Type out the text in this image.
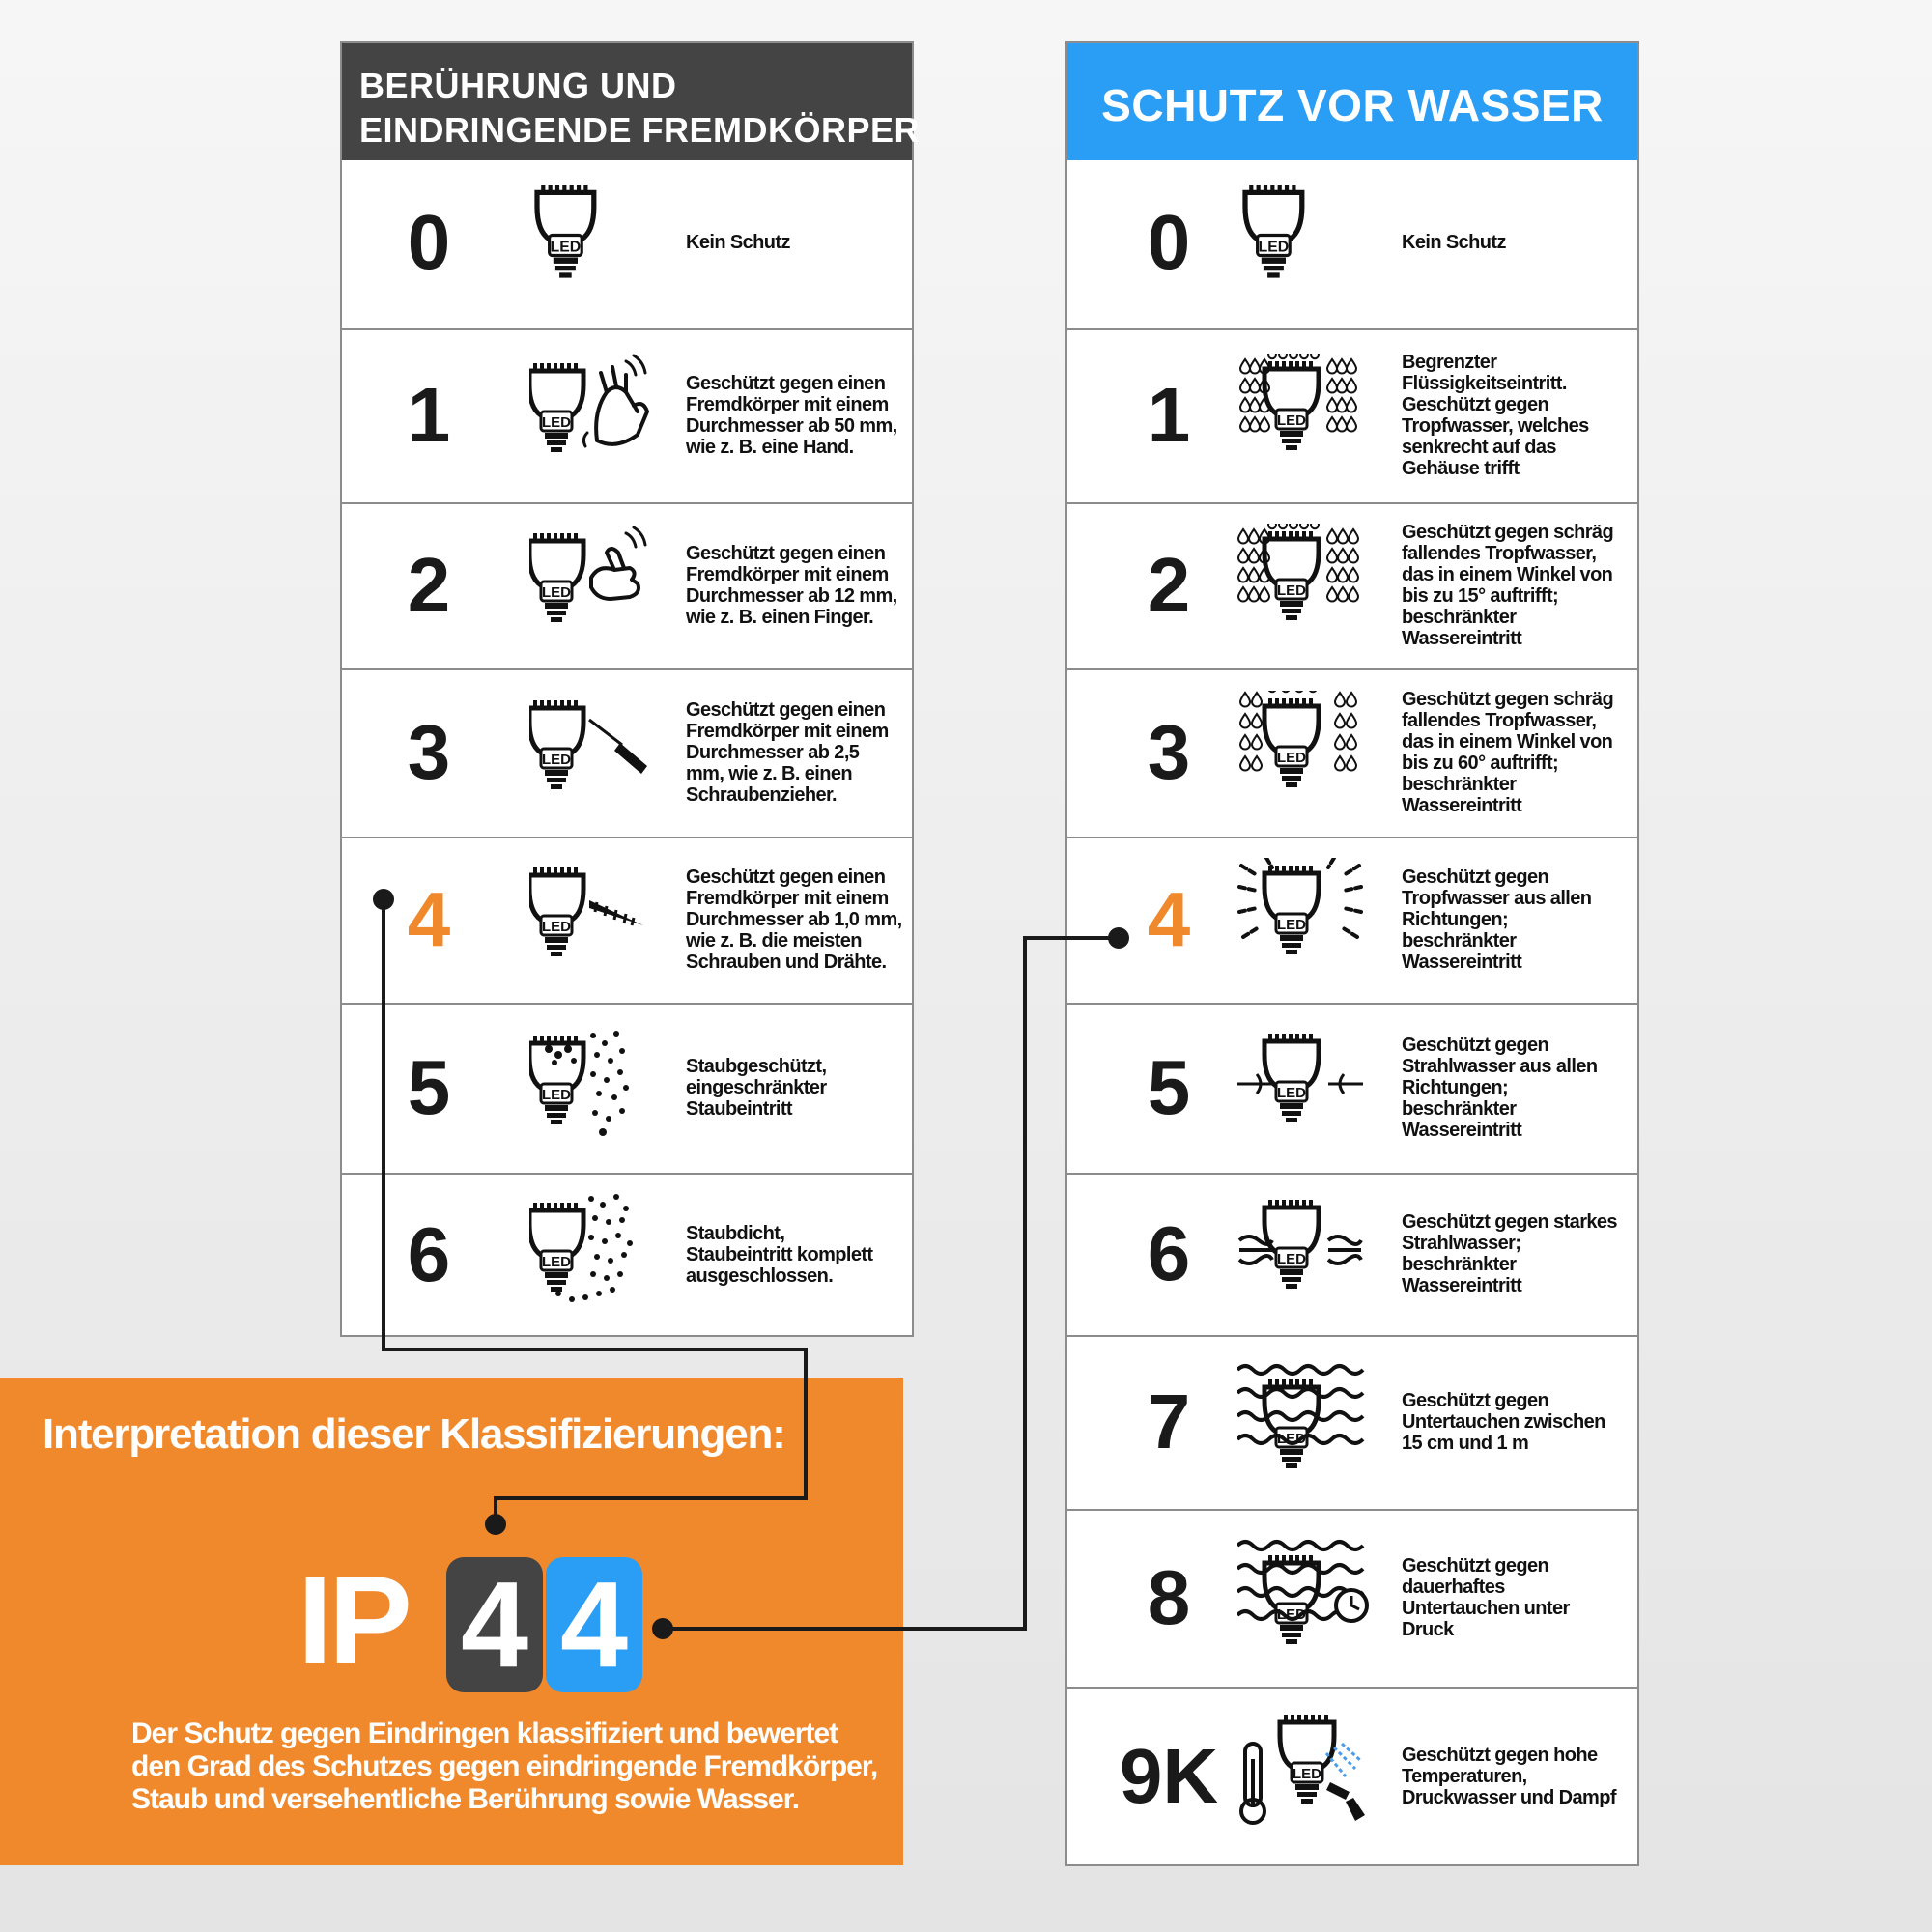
BERÜHRUNG UND
EINDRINGENDE FREMDKÖRPER
0	LED	Kein Schutz
1	LED
Geschützt gegen einen
Fremdkörper mit einem
Durchmesser ab 50 mm,
wie z. B. eine Hand.
2	LED
Geschützt gegen einen
Fremdkörper mit einem
Durchmesser ab 12 mm,
wie z. B. einen Finger.
3	LED
Geschützt gegen einen
Fremdkörper mit einem
Durchmesser ab 2,5
mm, wie z. B. einen
Schraubenzieher.
4	LED
Geschützt gegen einen
Fremdkörper mit einem
Durchmesser ab 1,0 mm,
wie z. B. die meisten
Schrauben und Drähte.
5	LED
Staubgeschützt,
eingeschränkter
Staubeintritt
6	LED
Staubdicht,
Staubeintritt komplett
ausgeschlossen.
SCHUTZ VOR WASSER
0	LED	Kein Schutz
1	LED
Begrenzter
Flüssigkeitseintritt.
Geschützt gegen
Tropfwasser, welches
senkrecht auf das
Gehäuse trifft
2	LED
Geschützt gegen schräg
fallendes Tropfwasser,
das in einem Winkel von
bis zu 15° auftrifft;
beschränkter
Wassereintritt
3	LED
Geschützt gegen schräg
fallendes Tropfwasser,
das in einem Winkel von
bis zu 60° auftrifft;
beschränkter
Wassereintritt
4	LED
Geschützt gegen
Tropfwasser aus allen
Richtungen;
beschränkter
Wassereintritt
5	LED
Geschützt gegen
Strahlwasser aus allen
Richtungen;
beschränkter
Wassereintritt
6	LED
Geschützt gegen starkes
Strahlwasser;
beschränkter
Wassereintritt
7	LED
Geschützt gegen
Untertauchen zwischen
15 cm und 1 m
8	LED
Geschützt gegen
dauerhaftes
Untertauchen unter
Druck
9K	LED
Geschützt gegen hohe
Temperaturen,
Druckwasser und Dampf
Interpretation dieser Klassifizierungen:
IP 4 4
Der Schutz gegen Eindringen klassifiziert und bewertet
den Grad des Schutzes gegen eindringende Fremdkörper,
Staub und versehentliche Berührung sowie Wasser.
